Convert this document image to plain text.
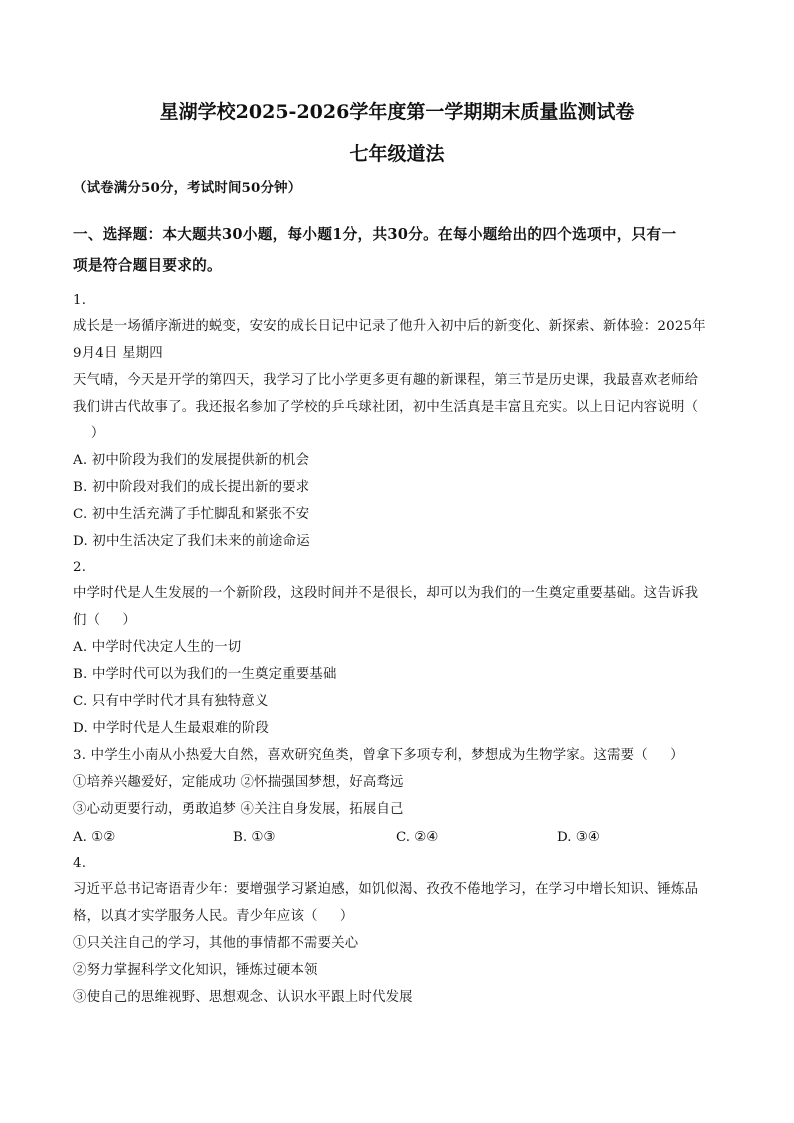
星湖学校2025-2026学年度第一学期期末质量监测试卷
七年级道法
（试卷满分50分，考试时间50分钟）
一、选择题：本大题共30小题，每小题1分，共30分。在每小题给出的四个选项中，只有一
项是符合题目要求的。
1.
成长是一场循序渐进的蜕变，安安的成长日记中记录了他升入初中后的新变化、新探索、新体验：2025年
9月4日 星期四
天气晴，今天是开学的第四天，我学习了比小学更多更有趣的新课程，第三节是历史课，我最喜欢老师给
我们讲古代故事了。我还报名参加了学校的乒乓球社团，初中生活真是丰富且充实。以上日记内容说明（
）
A. 初中阶段为我们的发展提供新的机会
B. 初中阶段对我们的成长提出新的要求
C. 初中生活充满了手忙脚乱和紧张不安
D. 初中生活决定了我们未来的前途命运
2.
中学时代是人生发展的一个新阶段，这段时间并不是很长，却可以为我们的一生奠定重要基础。这告诉我
们（     ）
A. 中学时代决定人生的一切
B. 中学时代可以为我们的一生奠定重要基础
C. 只有中学时代才具有独特意义
D. 中学时代是人生最艰难的阶段
3. 中学生小南从小热爱大自然，喜欢研究鱼类，曾拿下多项专利，梦想成为生物学家。这需要（     ）
①培养兴趣爱好，定能成功 ②怀揣强国梦想，好高骛远
③心动更要行动，勇敢追梦 ④关注自身发展，拓展自己
A. ①②	B. ①③	C. ②④	D. ③④
4.
习近平总书记寄语青少年：要增强学习紧迫感，如饥似渴、孜孜不倦地学习，在学习中增长知识、锤炼品
格，以真才实学服务人民。青少年应该（     ）
①只关注自己的学习，其他的事情都不需要关心
②努力掌握科学文化知识，锤炼过硬本领
③使自己的思维视野、思想观念、认识水平跟上时代发展
